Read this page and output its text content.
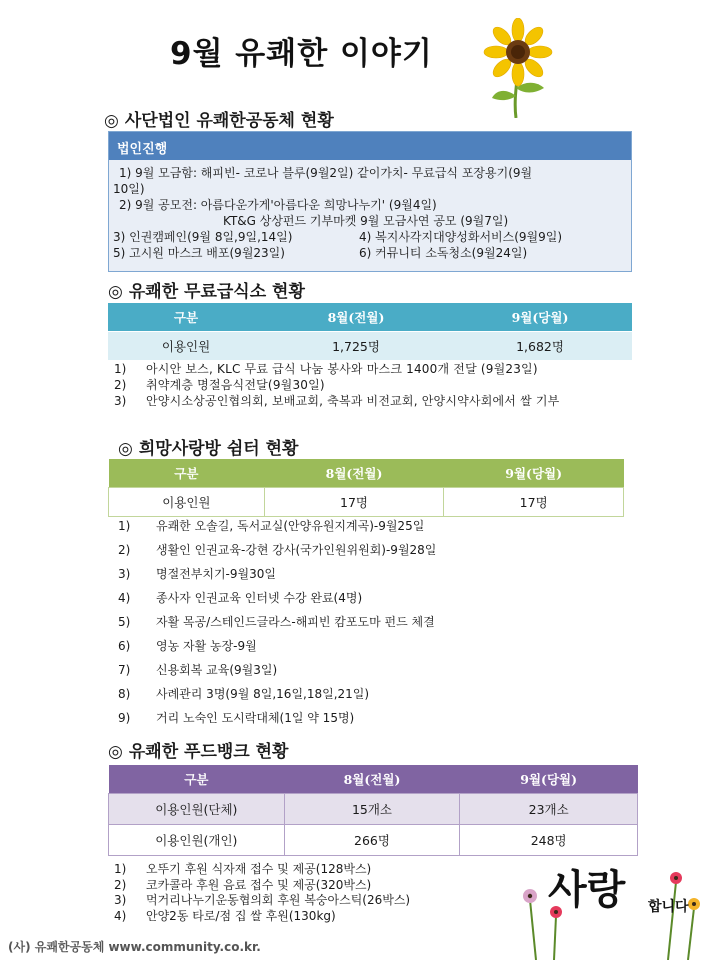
9월 유쾌한 이야기
◎ 사단법인 유쾌한공동체 현황
법인진행
1) 9월 모금함: 해피빈- 코로나 블루(9월2일) 같이가치- 무료급식 포장용기(9월
10일)
2) 9월 공모전: 아름다운가게'아름다운 희망나누기' (9월4일)
KT&G 상상펀드 기부마켓 9월 모금사연 공모 (9월7일)
3) 인권캠페인(9월 8일,9일,14일)	4) 복지사각지대양성화서비스(9월9일)
5) 고시원 마스크 배포(9월23일)	6) 커뮤니티 소독청소(9월24일)
◎ 유쾌한 무료급식소 현황
구분	8월(전월)	9월(당월)
이용인원	1,725명	1,682명
1)	아시안 보스, KLC 무료 급식 나눔 봉사와 마스크 1400개 전달 (9월23일)
2)	취약계층 명절음식전달(9월30일)
3)	안양시소상공인협의회, 보배교회, 축복과 비전교회, 안양시약사회에서 쌀 기부
◎ 희망사랑방 쉼터 현황
구분	8월(전월)	9월(당월)
이용인원	17명	17명
1)	유쾌한 오솔길, 독서교실(안양유원지계곡)-9월25일
2)	생활인 인권교육-강현 강사(국가인원위원회)-9월28일
3)	명절전부치기-9월30일
4)	종사자 인권교육 인터넷 수강 완료(4명)
5)	자활 목공/스테인드글라스-해피빈 캄포도마 펀드 체결
6)	영농 자활 농장-9월
7)	신용회복 교육(9월3일)
8)	사례관리 3명(9월 8일,16일,18일,21일)
9)	거리 노숙인 도시락대체(1일 약 15명)
◎ 유쾌한 푸드뱅크 현황
구분	8월(전월)	9월(당월)
이용인원(단체)	15개소	23개소
이용인원(개인)	266명	248명
1)	오뚜기 후원 식자재 접수 및 제공(128박스)
2)	코카콜라 후원 음료 접수 및 제공(320박스)
3)	먹거리나누기운동협의회 후원 복숭아스틱(26박스)
4)	안양2동 타로/점 집 쌀 후원(130kg)
(사) 유쾌한공동체 www.community.co.kr.
사랑 합니다
